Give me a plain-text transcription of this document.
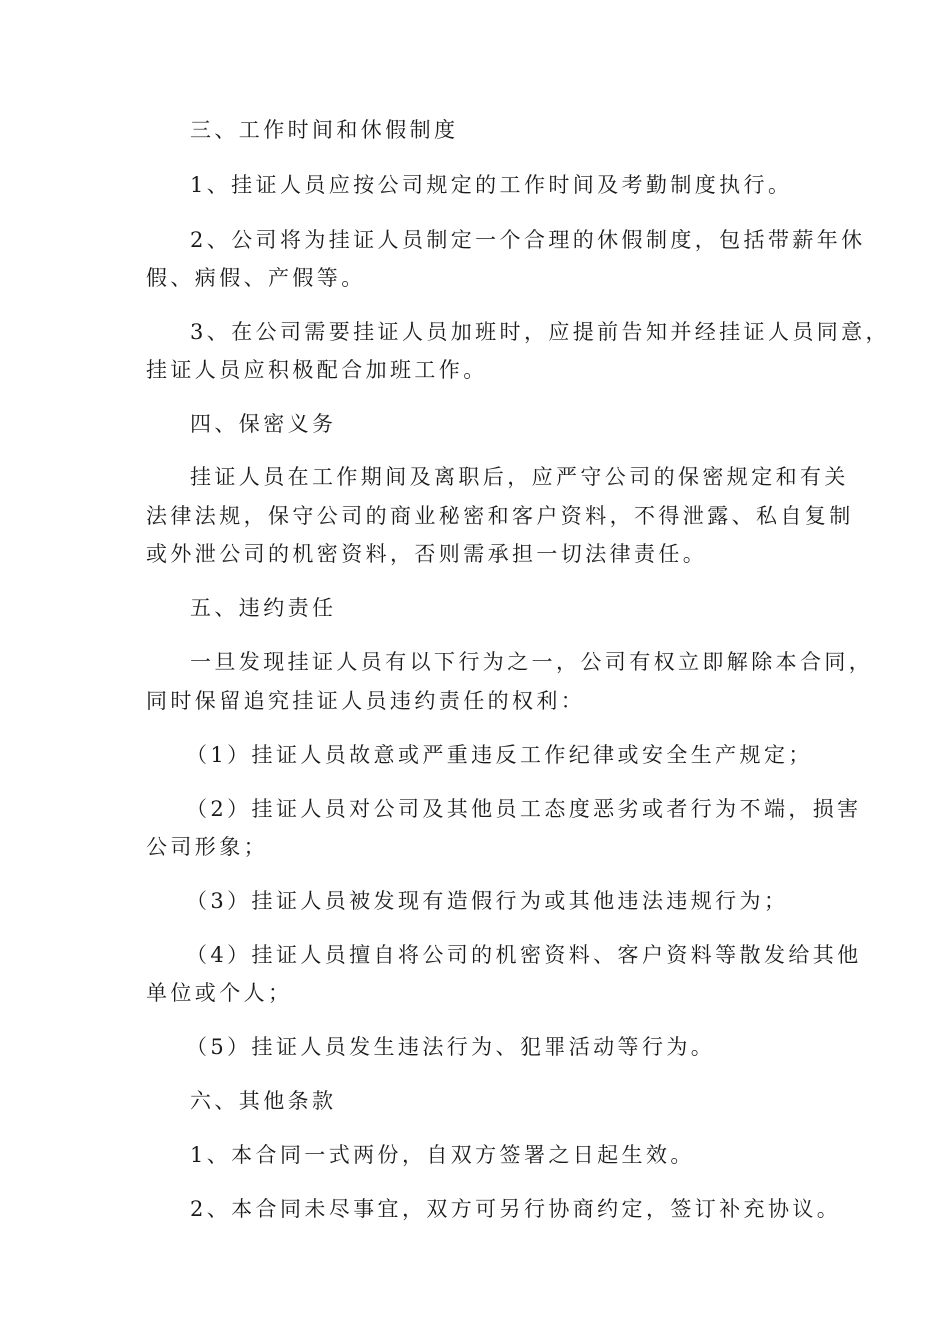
三、工作时间和休假制度
1、挂证人员应按公司规定的工作时间及考勤制度执行。
2、公司将为挂证人员制定一个合理的休假制度，包括带薪年休
假、病假、产假等。
3、在公司需要挂证人员加班时，应提前告知并经挂证人员同意，
挂证人员应积极配合加班工作。
四、保密义务
挂证人员在工作期间及离职后，应严守公司的保密规定和有关
法律法规，保守公司的商业秘密和客户资料，不得泄露、私自复制
或外泄公司的机密资料，否则需承担一切法律责任。
五、违约责任
一旦发现挂证人员有以下行为之一，公司有权立即解除本合同，
同时保留追究挂证人员违约责任的权利：
（1）挂证人员故意或严重违反工作纪律或安全生产规定；
（2）挂证人员对公司及其他员工态度恶劣或者行为不端，损害
公司形象；
（3）挂证人员被发现有造假行为或其他违法违规行为；
（4）挂证人员擅自将公司的机密资料、客户资料等散发给其他
单位或个人；
（5）挂证人员发生违法行为、犯罪活动等行为。
六、其他条款
1、本合同一式两份，自双方签署之日起生效。
2、本合同未尽事宜，双方可另行协商约定，签订补充协议。
